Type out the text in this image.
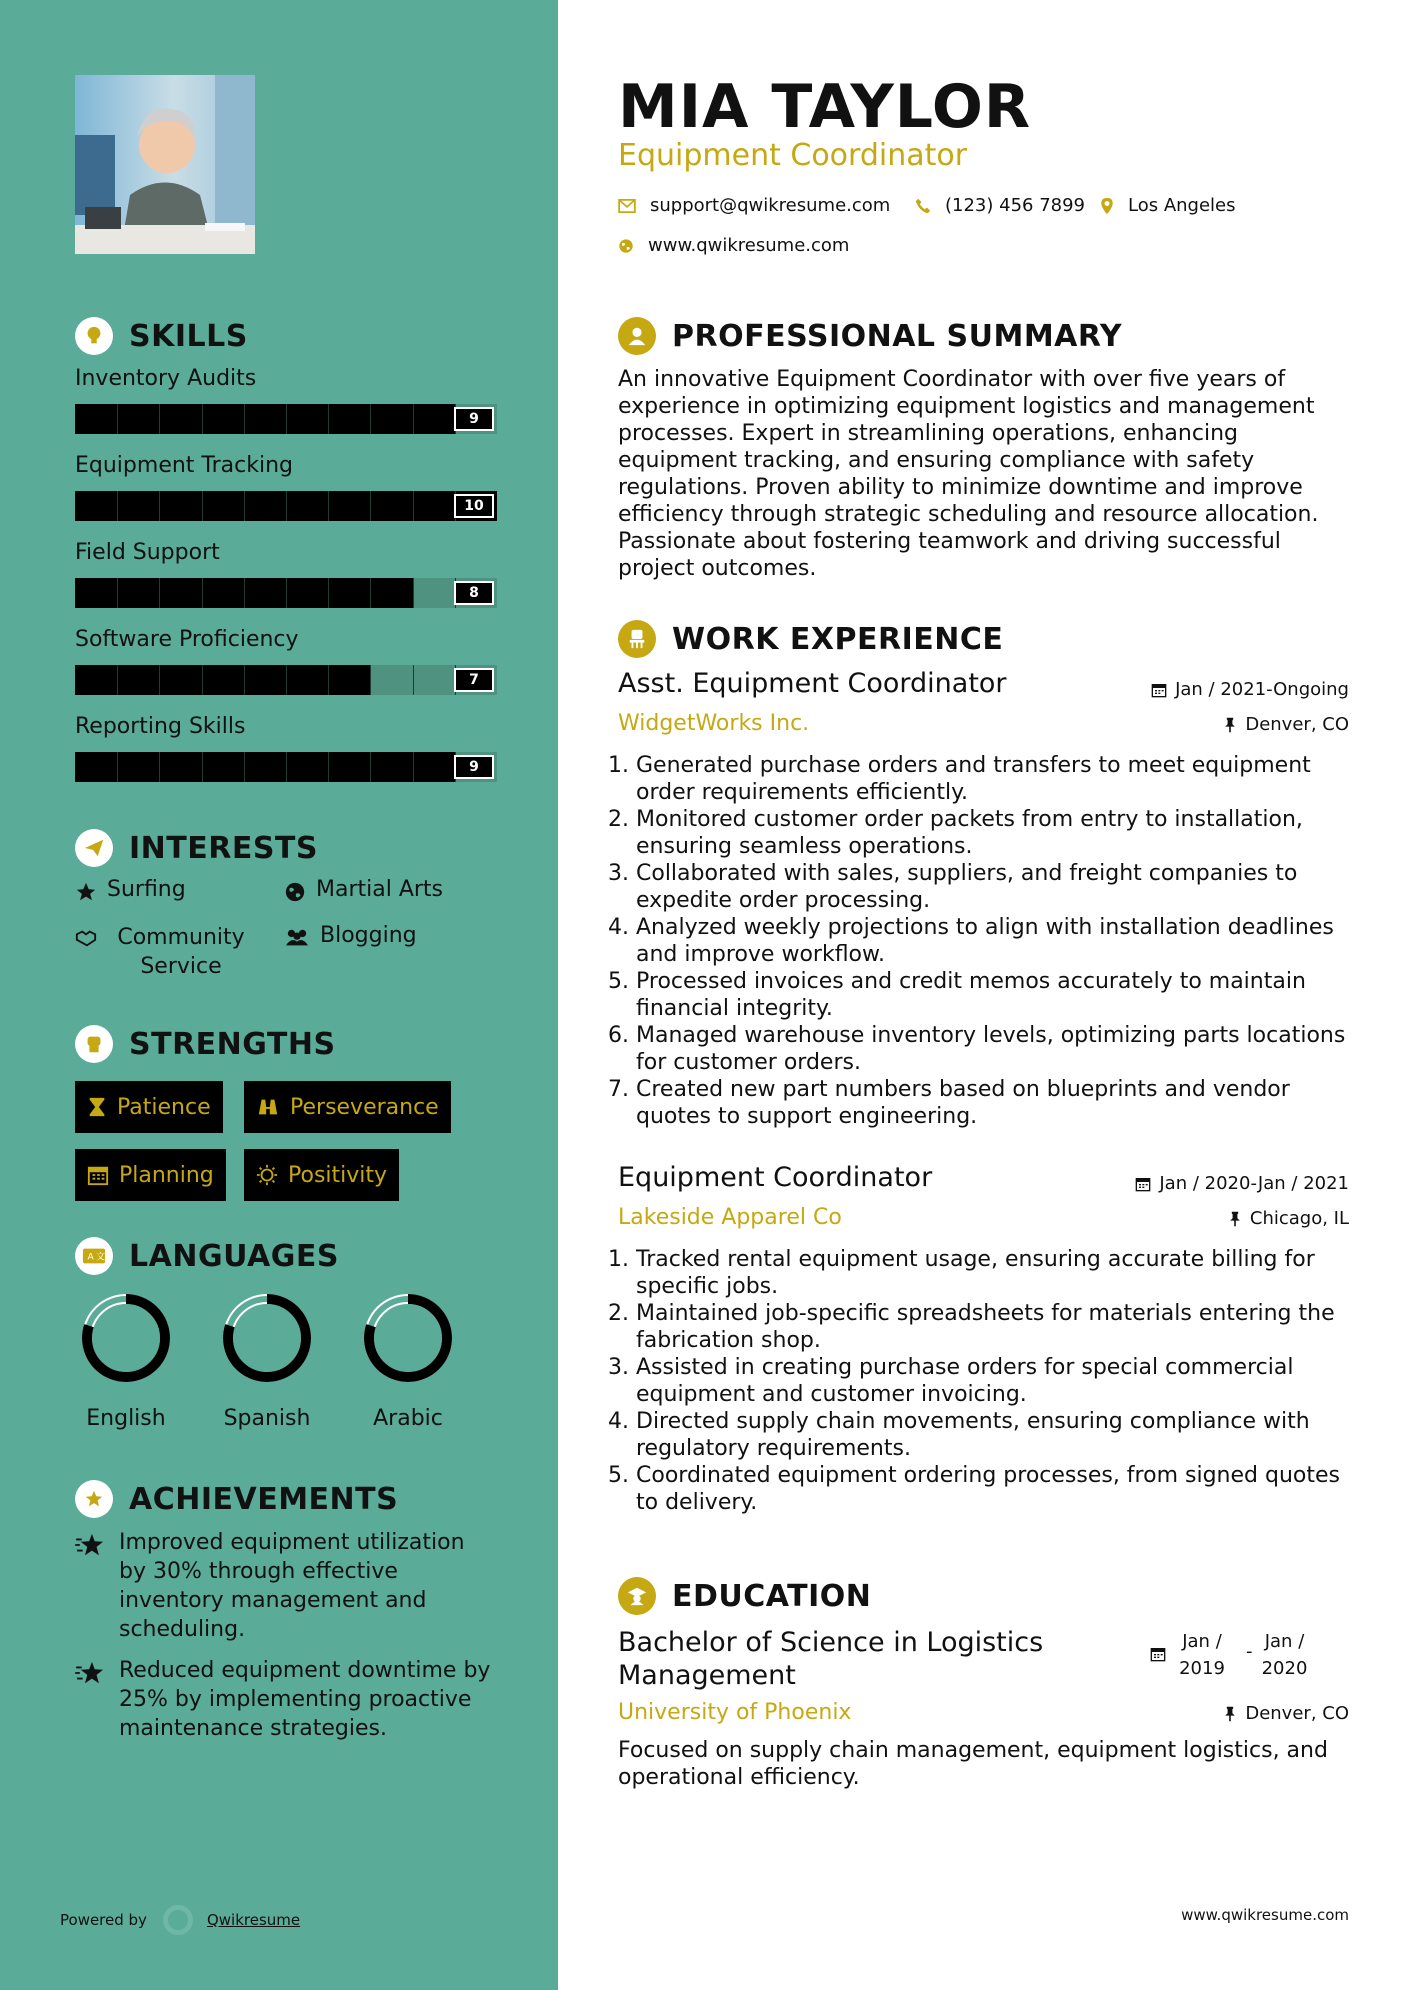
SKILLS
Inventory Audits
9
Equipment Tracking
10
Field Support
8
Software Proficiency
7
Reporting Skills
9
INTERESTS
Surfing	Martial Arts
Community Service
Blogging
STRENGTHS
Patience	Perseverance
Planning	Positivity
A 文 LANGUAGES
English	Spanish	Arabic
ACHIEVEMENTS
Improved equipment utilization by 30% through effective inventory management and scheduling.
Reduced equipment downtime by 25% by implementing proactive maintenance strategies.
Powered by	Qwikresume
MIA TAYLOR
Equipment Coordinator
support@qwikresume.com	(123) 456 7899 Los Angeles
www.qwikresume.com
PROFESSIONAL SUMMARY
An innovative Equipment Coordinator with over five years of experience in optimizing equipment logistics and management processes. Expert in streamlining operations, enhancing equipment tracking, and ensuring compliance with safety regulations. Proven ability to minimize downtime and improve efficiency through strategic scheduling and resource allocation. Passionate about fostering teamwork and driving successful project outcomes.
WORK EXPERIENCE
Asst. Equipment Coordinator	Jan / 2021-Ongoing
WidgetWorks Inc.	Denver, CO
1. Generated purchase orders and transfers to meet equipment order requirements efficiently.
2. Monitored customer order packets from entry to installation, ensuring seamless operations.
3. Collaborated with sales, suppliers, and freight companies to expedite order processing.
4. Analyzed weekly projections to align with installation deadlines and improve workflow.
5. Processed invoices and credit memos accurately to maintain financial integrity.
6. Managed warehouse inventory levels, optimizing parts locations for customer orders.
7. Created new part numbers based on blueprints and vendor quotes to support engineering.
Equipment Coordinator	Jan / 2020-Jan / 2021
Lakeside Apparel Co	Chicago, IL
1. Tracked rental equipment usage, ensuring accurate billing for specific jobs.
2. Maintained job-specific spreadsheets for materials entering the fabrication shop.
3. Assisted in creating purchase orders for special commercial equipment and customer invoicing.
4. Directed supply chain movements, ensuring compliance with regulatory requirements.
5. Coordinated equipment ordering processes, from signed quotes to delivery.
EDUCATION
Bachelor of Science in Logistics
Management
Jan /
2019
- Jan /
2020
University of Phoenix	Denver, CO
Focused on supply chain management, equipment logistics, and operational efficiency.
www.qwikresume.com
